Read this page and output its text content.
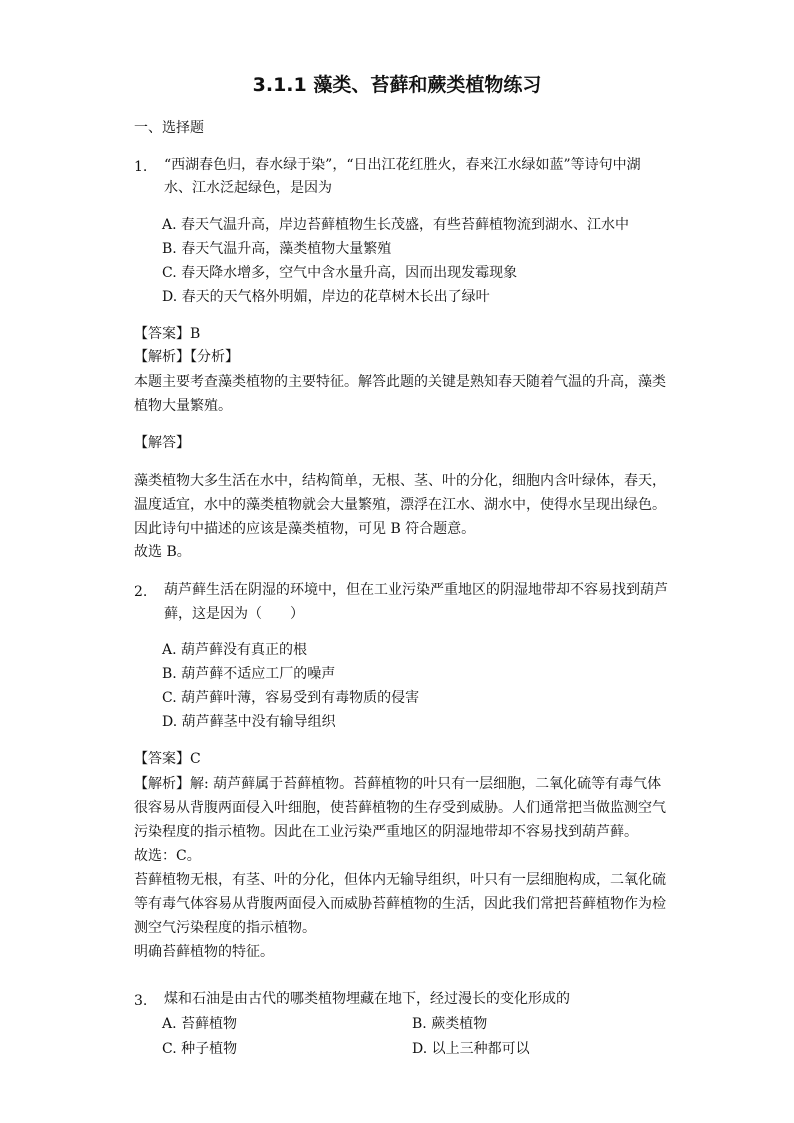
3.1.1 藻类、苔藓和蕨类植物练习
一、选择题
1.	“西湖春色归，春水绿于染”，“日出江花红胜火，春来江水绿如蓝”等诗句中湖
水、江水泛起绿色，是因为
A. 春天气温升高，岸边苔藓植物生长茂盛，有些苔藓植物流到湖水、江水中
B. 春天气温升高，藻类植物大量繁殖
C. 春天降水增多，空气中含水量升高，因而出现发霉现象
D. 春天的天气格外明媚，岸边的花草树木长出了绿叶
【答案】B
【解析】【分析】
本题主要考查藻类植物的主要特征。解答此题的关键是熟知春天随着气温的升高，藻类
植物大量繁殖。
【解答】
藻类植物大多生活在水中，结构简单，无根、茎、叶的分化，细胞内含叶绿体，春天，
温度适宜，水中的藻类植物就会大量繁殖，漂浮在江水、湖水中，使得水呈现出绿色。
因此诗句中描述的应该是藻类植物，可见 B 符合题意。
故选 B。
2.	葫芦藓生活在阴湿的环境中，但在工业污染严重地区的阴湿地带却不容易找到葫芦
藓，这是因为（　　）
A. 葫芦藓没有真正的根
B. 葫芦藓不适应工厂的噪声
C. 葫芦藓叶薄，容易受到有毒物质的侵害
D. 葫芦藓茎中没有输导组织
【答案】C
【解析】解: 葫芦藓属于苔藓植物。苔藓植物的叶只有一层细胞，二氧化硫等有毒气体
很容易从背腹两面侵入叶细胞，使苔藓植物的生存受到威胁。人们通常把当做监测空气
污染程度的指示植物。因此在工业污染严重地区的阴湿地带却不容易找到葫芦藓。
故选：C。
苔藓植物无根，有茎、叶的分化，但体内无输导组织，叶只有一层细胞构成，二氧化硫
等有毒气体容易从背腹两面侵入而威胁苔藓植物的生活，因此我们常把苔藓植物作为检
测空气污染程度的指示植物。
明确苔藓植物的特征。
3.	煤和石油是由古代的哪类植物埋藏在地下，经过漫长的变化形成的
A. 苔藓植物	B. 蕨类植物
C. 种子植物	D. 以上三种都可以
